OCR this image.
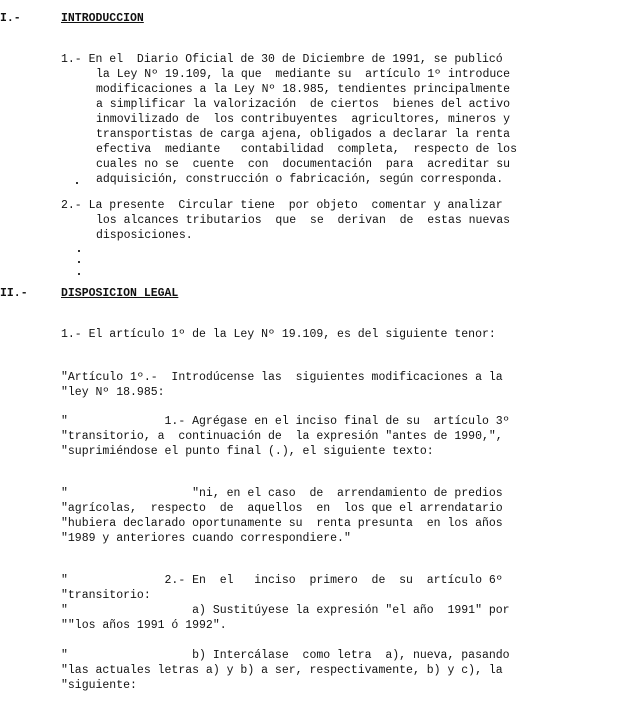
I.-	INTRODUCCION
1.- En el  Diario Oficial de 30 de Diciembre de 1991, se publicó
la Ley Nº 19.109, la que  mediante su  artículo 1º introduce
modificaciones a la Ley Nº 18.985, tendientes principalmente
a simplificar la valorización  de ciertos  bienes del activo
inmovilizado de  los contribuyentes  agricultores, mineros y
transportistas de carga ajena, obligados a declarar la renta
efectiva  mediante   contabilidad  completa,  respecto de los
cuales no se  cuente  con  documentación  para  acreditar su
adquisición, construcción o fabricación, según corresponda.
2.- La presente  Circular tiene  por objeto  comentar y analizar
los alcances tributarios  que  se  derivan  de  estas nuevas
disposiciones.
II.-	DISPOSICION LEGAL
1.- El artículo 1º de la Ley Nº 19.109, es del siguiente tenor:
"Artículo 1º.-  Introdúcense las  siguientes modificaciones a la
"ley Nº 18.985:
"              1.- Agrégase en el inciso final de su  artículo 3º
"transitorio, a  continuación de  la expresión "antes de 1990,",
"suprimiéndose el punto final (.), el siguiente texto:
"                  "ni, en el caso  de  arrendamiento de predios
"agrícolas,  respecto  de  aquellos  en  los que el arrendatario
"hubiera declarado oportunamente su  renta presunta  en los años
"1989 y anteriores cuando correspondiere."
"              2.- En  el   inciso  primero  de  su  artículo 6º
"transitorio:
"                  a) Sustitúyese la expresión "el año  1991" por
""los años 1991 ó 1992".
"                  b) Intercálase  como letra  a), nueva, pasando
"las actuales letras a) y b) a ser, respectivamente, b) y c), la
"siguiente:
